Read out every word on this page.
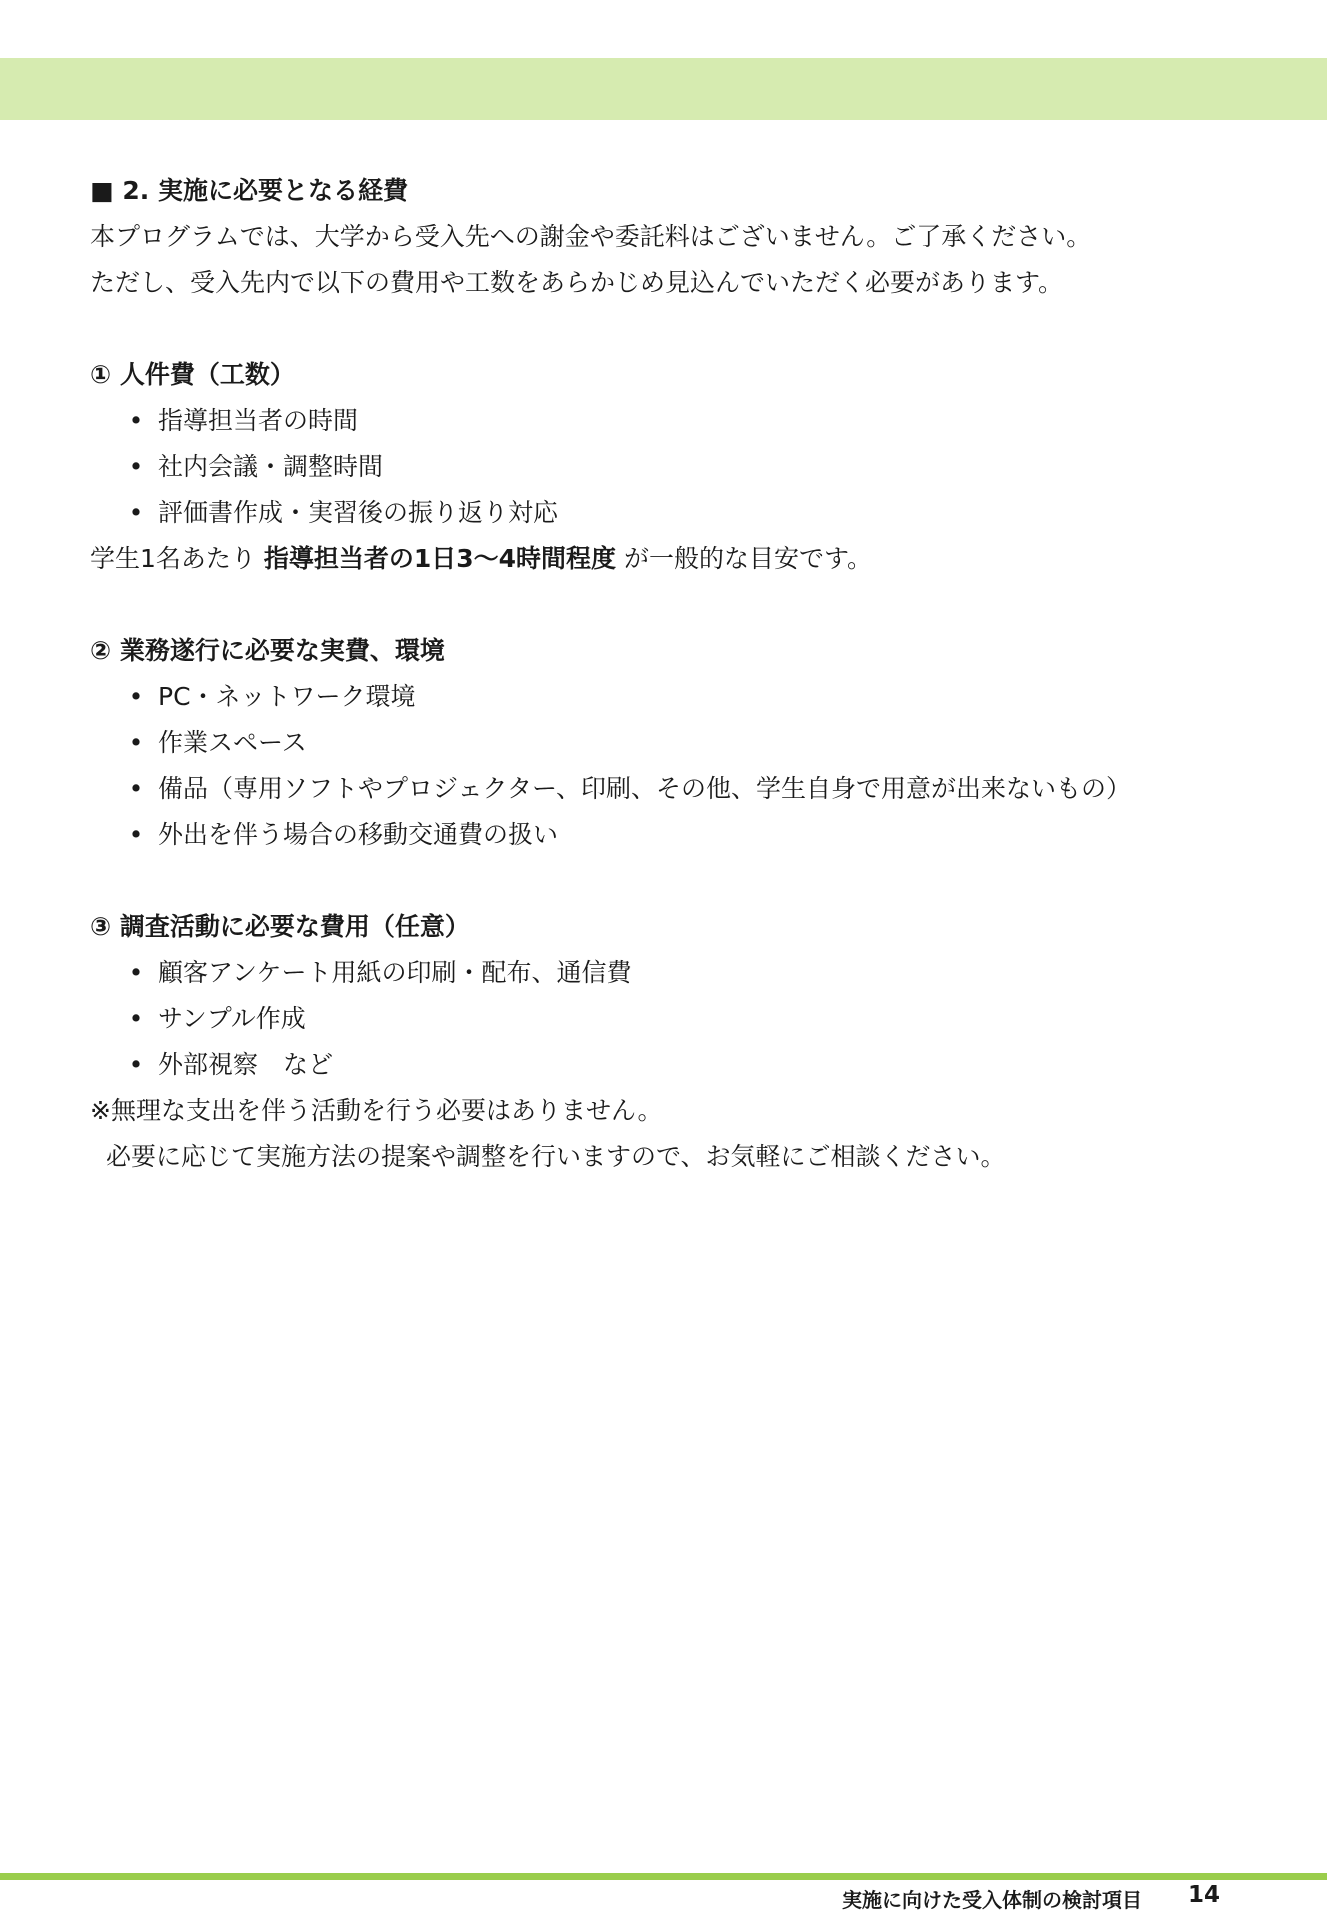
■ 2. 実施に必要となる経費
本プログラムでは、大学から受入先への謝金や委託料はございません。ご了承ください。
ただし、受入先内で以下の費用や工数をあらかじめ見込んでいただく必要があります。
① 人件費（工数）
• 指導担当者の時間
• 社内会議・調整時間
• 評価書作成・実習後の振り返り対応
学生1名あたり 指導担当者の1日3～4時間程度 が一般的な目安です。
② 業務遂行に必要な実費、環境
• PC・ネットワーク環境
• 作業スペース
• 備品（専用ソフトやプロジェクター、印刷、その他、学生自身で用意が出来ないもの）
• 外出を伴う場合の移動交通費の扱い
③ 調査活動に必要な費用（任意）
• 顧客アンケート用紙の印刷・配布、通信費
• サンプル作成
• 外部視察　など
※無理な支出を伴う活動を行う必要はありません。
必要に応じて実施方法の提案や調整を行いますので、お気軽にご相談ください。
実施に向けた受入体制の検討項目 14
